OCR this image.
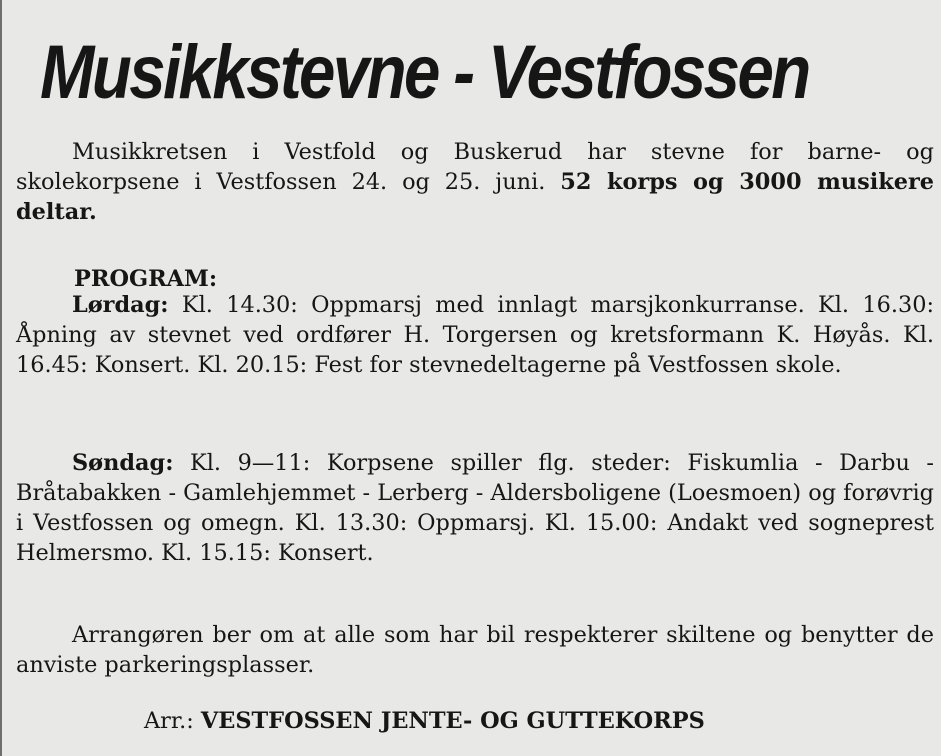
Musikkstevne - Vestfossen

Musikkretsen i Vestfold og Buskerud har stevne for barne- og skolekorpsene i Vestfossen 24. og 25. juni. 52 korps og 3000 musikere deltar.

PROGRAM:

Lørdag: Kl. 14.30: Oppmarsj med innlagt marsjkonkurranse. Kl. 16.30: Åpning av stevnet ved ordfører H. Torgersen og kretsformann K. Høyås. Kl. 16.45: Konsert. Kl. 20.15: Fest for stevnedeltagerne på Vestfossen skole.

Søndag: Kl. 9—11: Korpsene spiller flg. steder: Fiskumlia - Darbu - Bråtabakken - Gamlehjemmet - Lerberg - Aldersboligene (Loesmoen) og forøvrig i Vestfossen og omegn. Kl. 13.30: Oppmarsj. Kl. 15.00: Andakt ved sogneprest Helmersmo. Kl. 15.15: Konsert.

Arrangøren ber om at alle som har bil respekterer skiltene og benytter de anviste parkeringsplasser.

Arr.: VESTFOSSEN JENTE- OG GUTTEKORPS
